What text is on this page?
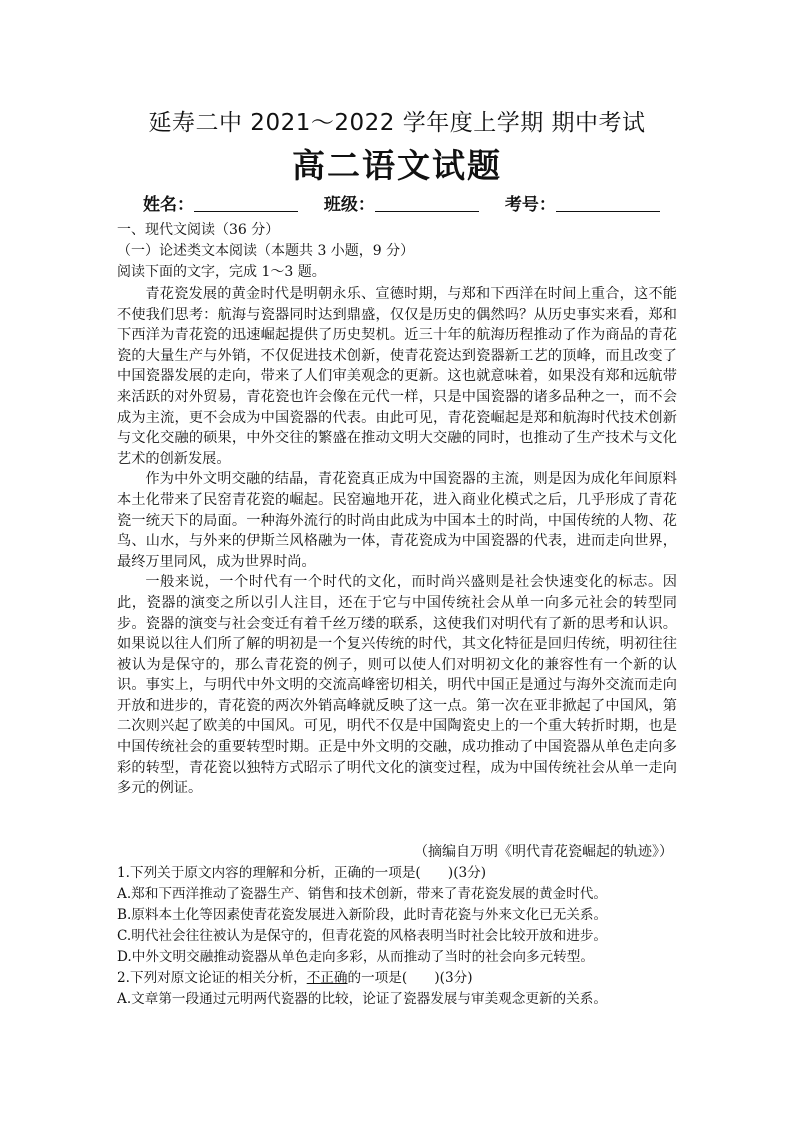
延寿二中 2021～2022 学年度上学期 期中考试
高二语文试题
姓名：	班级：	考号：
一、现代文阅读（36 分）
（一）论述类文本阅读（本题共 3 小题，9 分）
阅读下面的文字，完成 1～3 题。

青花瓷发展的黄金时代是明朝永乐、宣德时期，与郑和下西洋在时间上重合，这不能不使我们思考：航海与瓷器同时达到鼎盛，仅仅是历史的偶然吗？从历史事实来看，郑和下西洋为青花瓷的迅速崛起提供了历史契机。近三十年的航海历程推动了作为商品的青花瓷的大量生产与外销，不仅促进技术创新，使青花瓷达到瓷器新工艺的顶峰，而且改变了中国瓷器发展的走向，带来了人们审美观念的更新。这也就意味着，如果没有郑和远航带来活跃的对外贸易，青花瓷也许会像在元代一样，只是中国瓷器的诸多品种之一，而不会成为主流，更不会成为中国瓷器的代表。由此可见，青花瓷崛起是郑和航海时代技术创新与文化交融的硕果，中外交往的繁盛在推动文明大交融的同时，也推动了生产技术与文化艺术的创新发展。

作为中外文明交融的结晶，青花瓷真正成为中国瓷器的主流，则是因为成化年间原料本土化带来了民窑青花瓷的崛起。民窑遍地开花，进入商业化模式之后，几乎形成了青花瓷一统天下的局面。一种海外流行的时尚由此成为中国本土的时尚，中国传统的人物、花鸟、山水，与外来的伊斯兰风格融为一体，青花瓷成为中国瓷器的代表，进而走向世界，最终万里同风，成为世界时尚。

一般来说，一个时代有一个时代的文化，而时尚兴盛则是社会快速变化的标志。因此，瓷器的演变之所以引人注目，还在于它与中国传统社会从单一向多元社会的转型同步。瓷器的演变与社会变迁有着千丝万缕的联系，这使我们对明代有了新的思考和认识。如果说以往人们所了解的明初是一个复兴传统的时代，其文化特征是回归传统，明初往往被认为是保守的，那么青花瓷的例子，则可以使人们对明初文化的兼容性有一个新的认识。事实上，与明代中外文明的交流高峰密切相关，明代中国正是通过与海外交流而走向开放和进步的，青花瓷的两次外销高峰就反映了这一点。第一次在亚非掀起了中国风，第二次则兴起了欧美的中国风。可见，明代不仅是中国陶瓷史上的一个重大转折时期，也是中国传统社会的重要转型时期。正是中外文明的交融，成功推动了中国瓷器从单色走向多彩的转型，青花瓷以独特方式昭示了明代文化的演变过程，成为中国传统社会从单一走向多元的例证。

（摘编自万明《明代青花瓷崛起的轨迹》）
1.下列关于原文内容的理解和分析，正确的一项是(　　)(3分)
A.郑和下西洋推动了瓷器生产、销售和技术创新，带来了青花瓷发展的黄金时代。
B.原料本土化等因素使青花瓷发展进入新阶段，此时青花瓷与外来文化已无关系。
C.明代社会往往被认为是保守的，但青花瓷的风格表明当时社会比较开放和进步。
D.中外文明交融推动瓷器从单色走向多彩，从而推动了当时的社会向多元转型。
2.下列对原文论证的相关分析，不正确的一项是(　　)(3分)
A.文章第一段通过元明两代瓷器的比较，论证了瓷器发展与审美观念更新的关系。
